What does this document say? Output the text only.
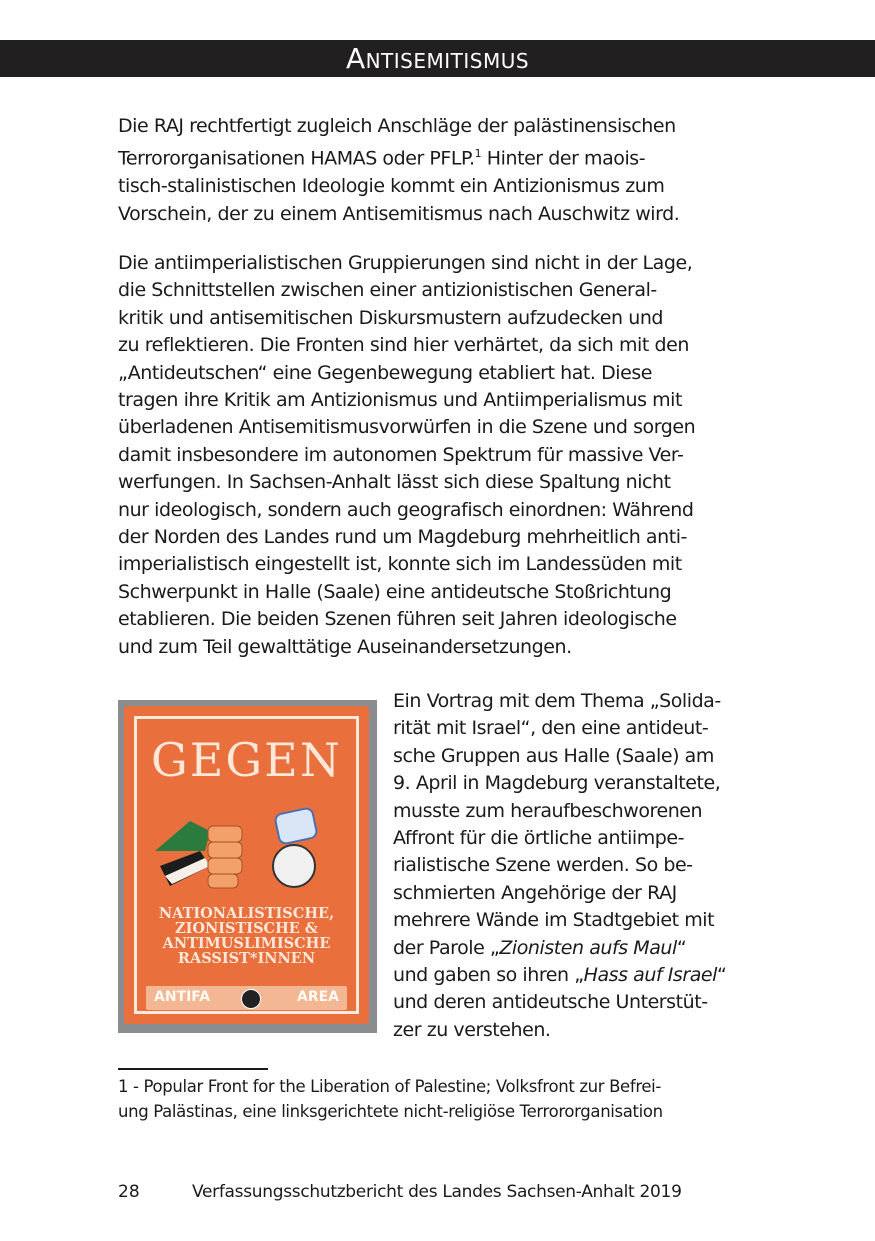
Antisemitismus

Die RAJ rechtfertigt zugleich Anschläge der palästinensischen
Terrororganisationen HAMAS oder PFLP.$^1$ Hinter der maois-
tisch-stalinistischen Ideologie kommt ein Antizionismus zum
Vorschein, der zu einem Antisemitismus nach Auschwitz wird.

Die antiimperialistischen Gruppierungen sind nicht in der Lage,
die Schnittstellen zwischen einer antizionistischen General-
kritik und antisemitischen Diskursmustern aufzudecken und
zu reflektieren. Die Fronten sind hier verhärtet, da sich mit den
„Antideutschen“ eine Gegenbewegung etabliert hat. Diese
tragen ihre Kritik am Antizionismus und Antiimperialismus mit
überladenen Antisemitismusvorwürfen in die Szene und sorgen
damit insbesondere im autonomen Spektrum für massive Ver-
werfungen. In Sachsen-Anhalt lässt sich diese Spaltung nicht
nur ideologisch, sondern auch geografisch einordnen: Während
der Norden des Landes rund um Magdeburg mehrheitlich anti-
imperialistisch eingestellt ist, konnte sich im Landessüden mit
Schwerpunkt in Halle (Saale) eine antideutsche Stoßrichtung
etablieren. Die beiden Szenen führen seit Jahren ideologische
und zum Teil gewalttätige Auseinandersetzungen.

GEGEN
NATIONALISTISCHE,
ZIONISTISCHE &
ANTIMUSLIMISCHE
RASSIST*INNEN
ANTIFA	AREA

Ein Vortrag mit dem Thema „Solida-
rität mit Israel“, den eine antideut-
sche Gruppen aus Halle (Saale) am
9. April in Magdeburg veranstaltete,
musste zum heraufbeschworenen
Affront für die örtliche antiimpe-
rialistische Szene werden. So be-
schmierten Angehörige der RAJ
mehrere Wände im Stadtgebiet mit
der Parole „Zionisten aufs Maul“
und gaben so ihren „Hass auf Israel“
und deren antideutsche Unterstüt-
zer zu verstehen.

1 - Popular Front for the Liberation of Palestine; Volksfront zur Befrei-
ung Palästinas, eine linksgerichtete nicht-religiöse Terrororganisation

28	Verfassungsschutzbericht des Landes Sachsen-Anhalt 2019
